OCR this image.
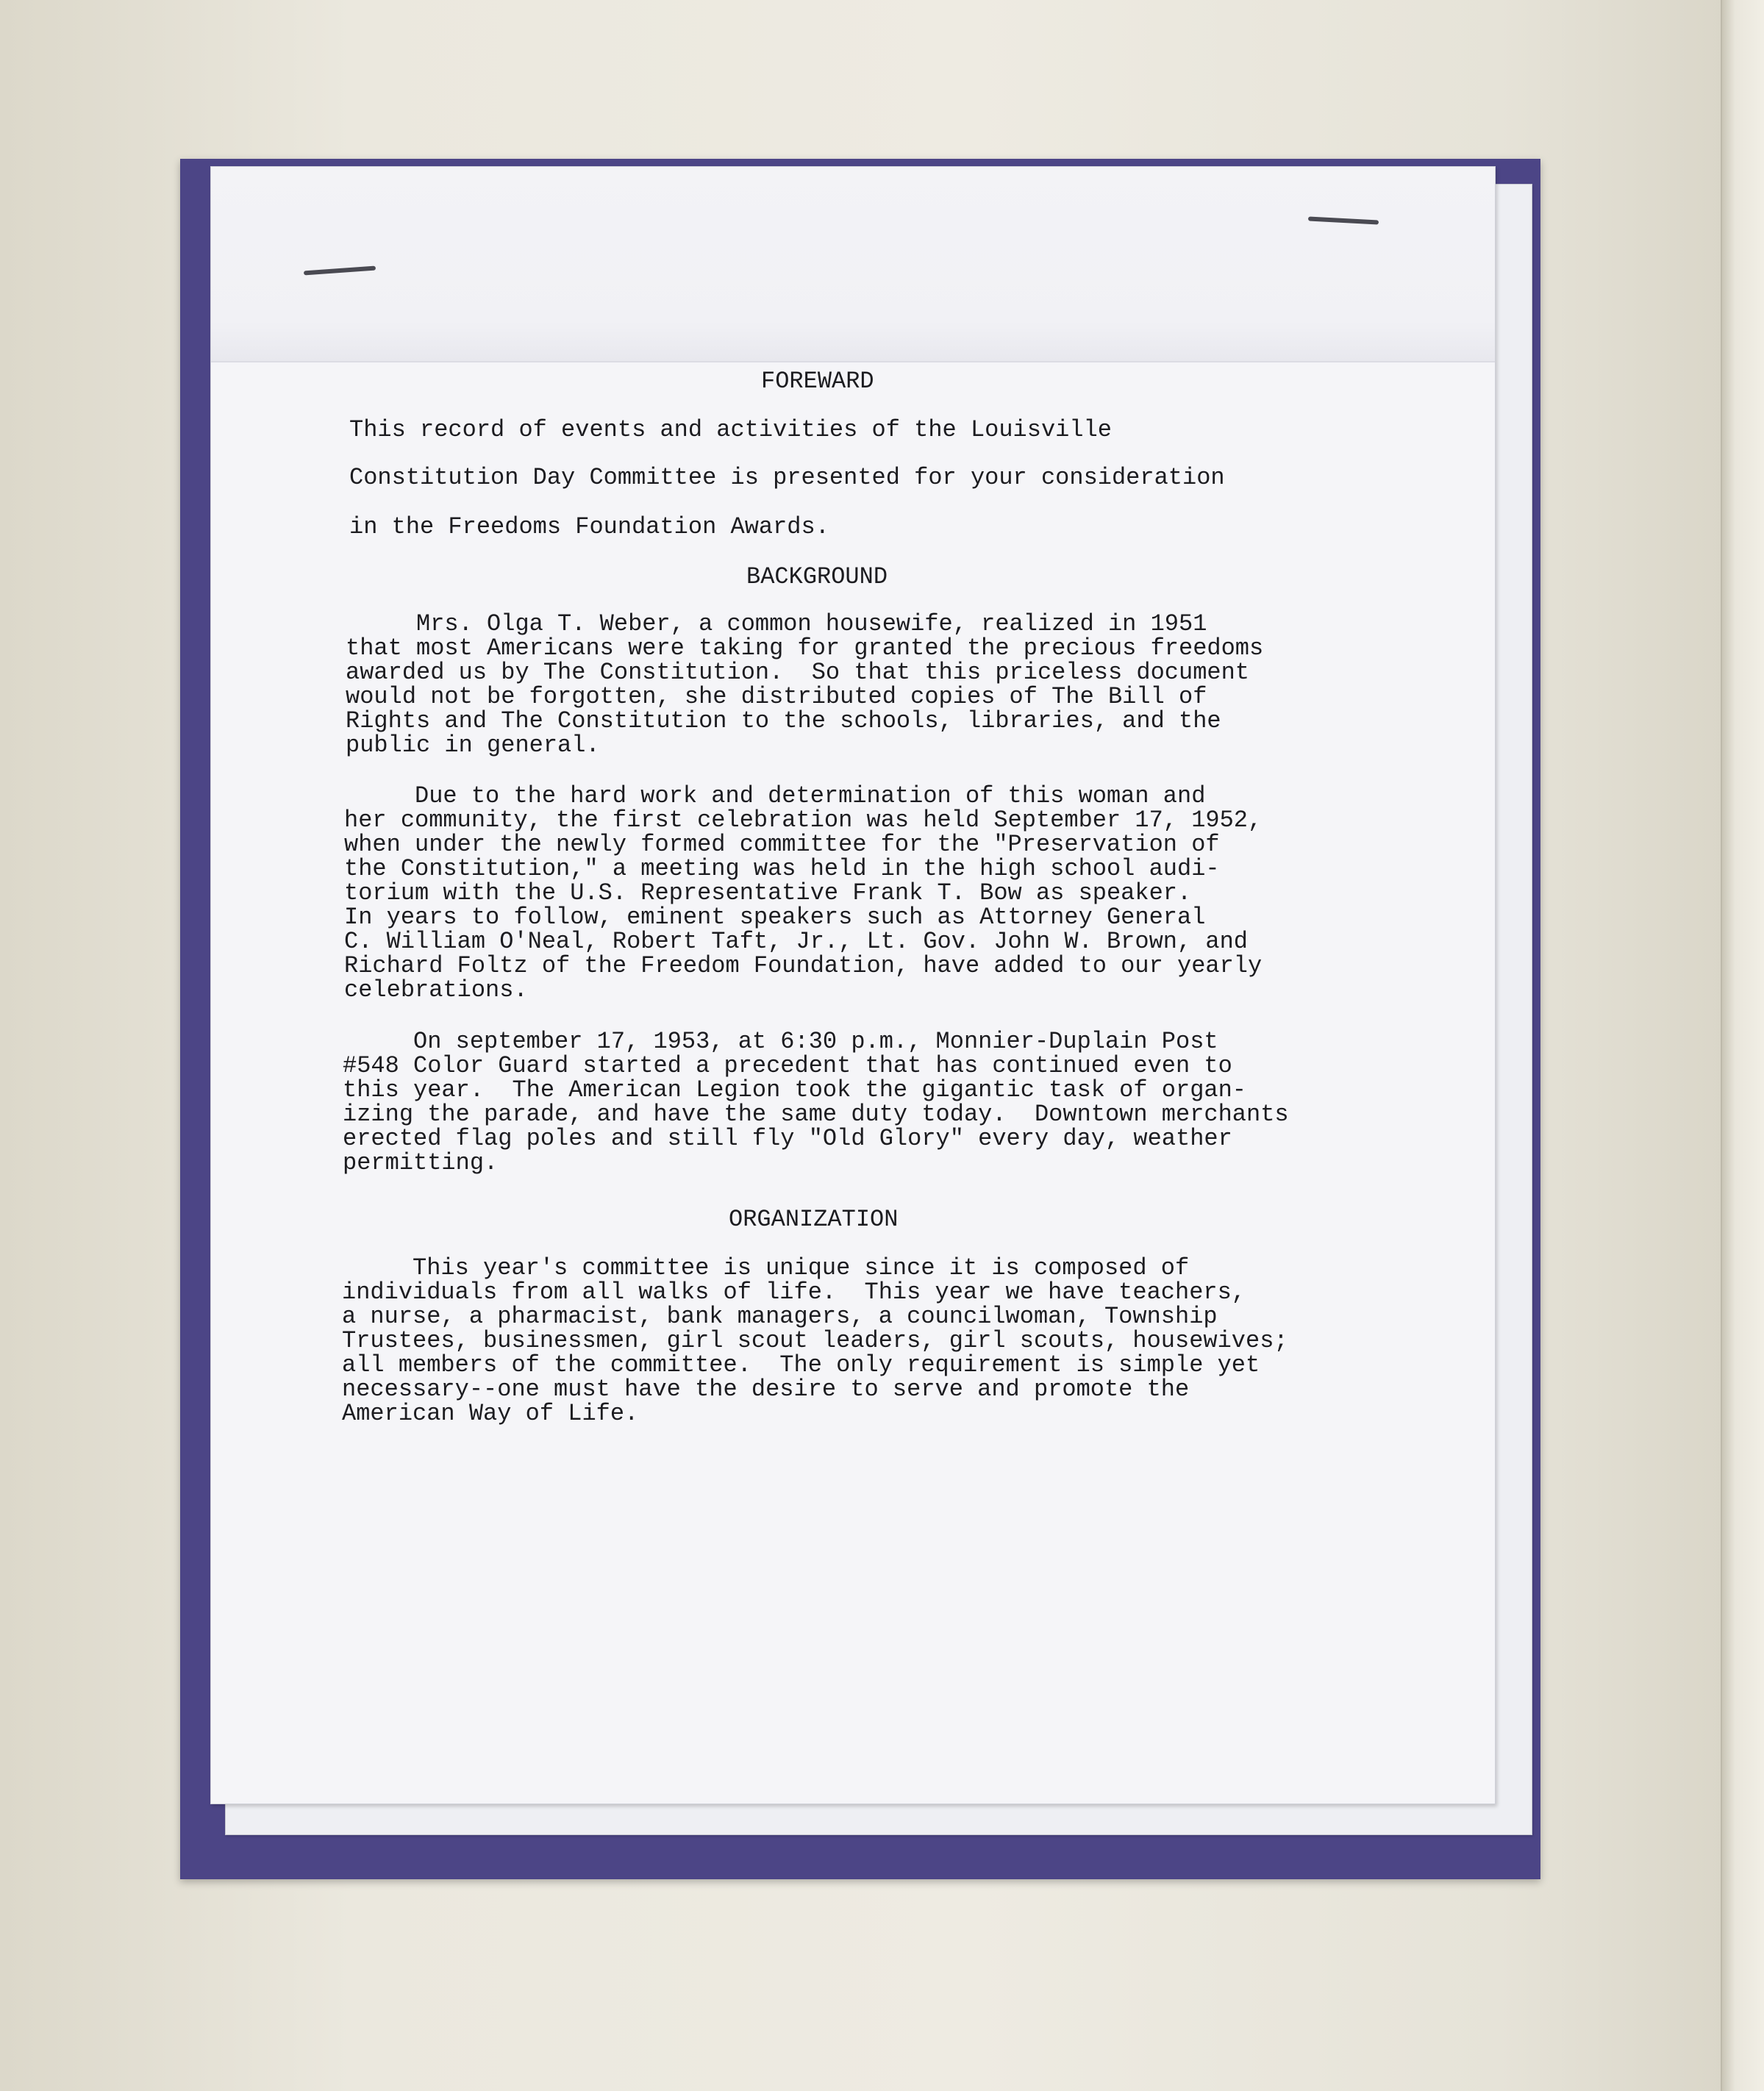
FOREWARD

This record of events and activities of the Louisville

Constitution Day Committee is presented for your consideration

in the Freedoms Foundation Awards.

BACKGROUND

Mrs. Olga T. Weber, a common housewife, realized in 1951
that most Americans were taking for granted the precious freedoms
awarded us by The Constitution.  So that this priceless document
would not be forgotten, she distributed copies of The Bill of
Rights and The Constitution to the schools, libraries, and the
public in general.

Due to the hard work and determination of this woman and
her community, the first celebration was held September 17, 1952,
when under the newly formed committee for the "Preservation of
the Constitution," a meeting was held in the high school audi-
torium with the U.S. Representative Frank T. Bow as speaker.
In years to follow, eminent speakers such as Attorney General
C. William O'Neal, Robert Taft, Jr., Lt. Gov. John W. Brown, and
Richard Foltz of the Freedom Foundation, have added to our yearly
celebrations.

On september 17, 1953, at 6:30 p.m., Monnier-Duplain Post
#548 Color Guard started a precedent that has continued even to
this year.  The American Legion took the gigantic task of organ-
izing the parade, and have the same duty today.  Downtown merchants
erected flag poles and still fly "Old Glory" every day, weather
permitting.

ORGANIZATION

This year's committee is unique since it is composed of
individuals from all walks of life.  This year we have teachers,
a nurse, a pharmacist, bank managers, a councilwoman, Township
Trustees, businessmen, girl scout leaders, girl scouts, housewives;
all members of the committee.  The only requirement is simple yet
necessary--one must have the desire to serve and promote the
American Way of Life.
